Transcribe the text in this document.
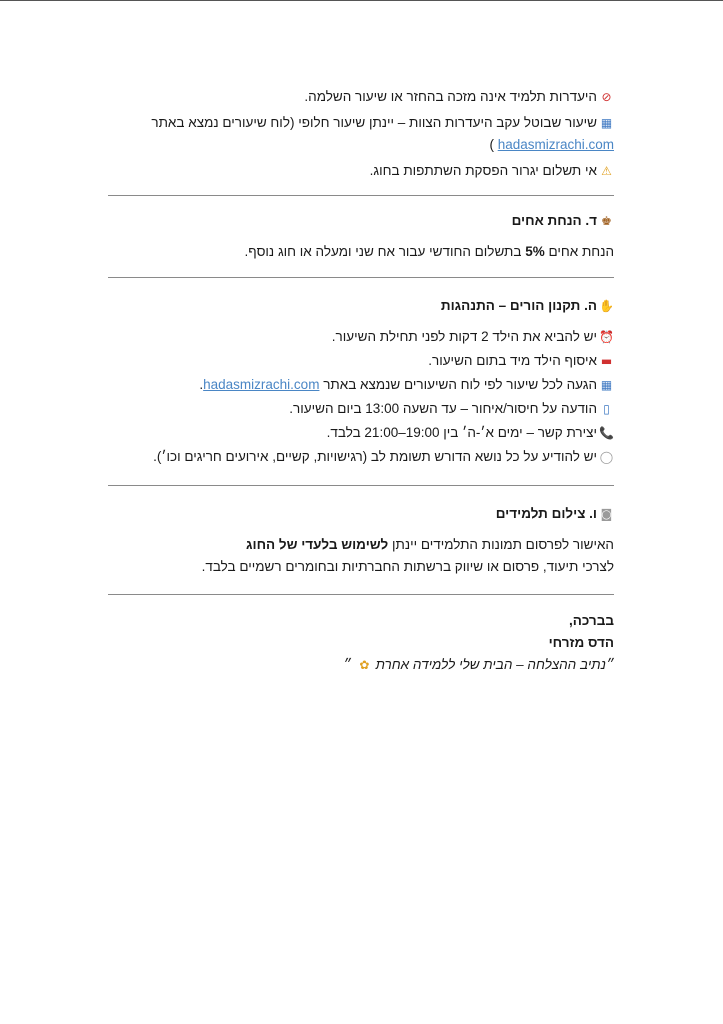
⦸היעדרות תלמיד אינה מזכה בהחזר או שיעור השלמה.

▦שיעור שבוטל עקב היעדרות הצוות – יינתן שיעור חלופי (לוח שיעורים נמצא באתר
hadasmizrachi.com )

⚠אי תשלום יגרור הפסקת השתתפות בחוג.

♚ד. הנחת אחים

הנחת אחים 5% בתשלום החודשי עבור אח שני ומעלה או חוג נוסף.

✋ה. תקנון הורים – התנהגות

⏰יש להביא את הילד 2 דקות לפני תחילת השיעור.
▬איסוף הילד מיד בתום השיעור.
▦הגעה לכל שיעור לפי לוח השיעורים שנמצא באתר hadasmizrachi.com.
▯הודעה על חיסור/איחור – עד השעה 13:00 ביום השיעור.
📞יצירת קשר – ימים א׳-ה׳ בין 19:00–21:00 בלבד.
◯יש להודיע על כל נושא הדורש תשומת לב (רגישויות, קשיים, אירועים חריגים וכו׳).

◙ו. צילום תלמידים

האישור לפרסום תמונות התלמידים יינתן לשימוש בלעדי של החוג
לצרכי תיעוד, פרסום או שיווק ברשתות החברתיות ובחומרים רשמיים בלבד.

בברכה,

הדס מזרחי

״נתיב ההצלחה – הבית שלי ללמידה אחרת ✿ ״
